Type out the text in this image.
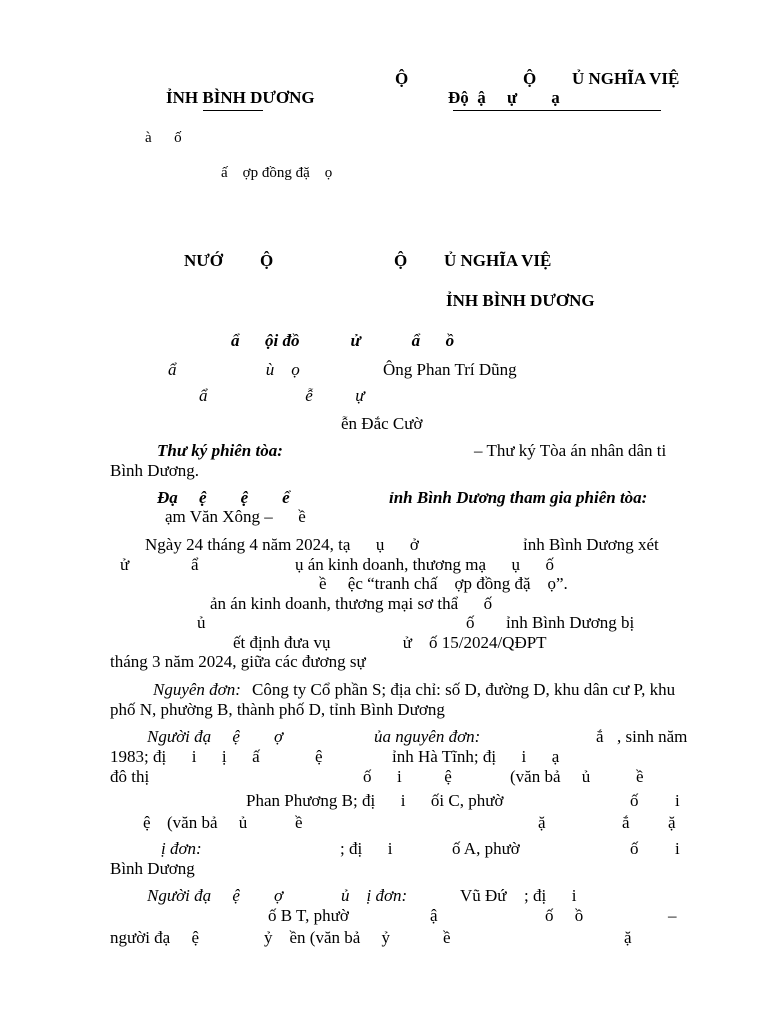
Ộ	Ộ Ủ NGHĨA VIỆ
ỈNH BÌNH DƯƠNG	Độ  ậ     ự        ạ
à      ố
ấ    ợp đồng đặ    ọ
NƯỚ Ộ	Ộ Ủ NGHĨA VIỆ
ỈNH BÌNH DƯƠNG
ẩ      ội đồ            ử            ẩ      ồ
ẩ                     ù    ọ	Ông Phan Trí Dũng
ẩ                       ễ          ự
ễn Đắc Cườ
Thư ký phiên tòa:	– Thư ký Tòa án nhân dân ti
Bình Dương.
Đạ     ệ        ệ        ể	ỉnh Bình Dương tham gia phiên tòa:
ạm Văn Xông –      ề
Ngày 24 tháng 4 năm 2024, tạ      ụ      ở	ỉnh Bình Dương xét
ử	ẩ	ụ án kinh doanh, thương mạ      ụ      ố
ề     ệc “tranh chấ    ợp đồng đặ    ọ”.
ản án kinh doanh, thương mại sơ thẩ      ố
ủ	ố ỉnh Bình Dương bị
ết định đưa vụ                 ử    ố 15/2024/QĐPT
tháng 3 năm 2024, giữa các đương sự
Nguyên đơn: Công ty Cổ phần S; địa chỉ: số D, đường D, khu dân cư P, khu
phố N, phường B, thành phố D, tỉnh Bình Dương
Người đạ     ệ        ợ	ủa nguyên đơn:	ắ , sinh năm
1983; đị      i      ị      ấ	ệ	ỉnh Hà Tĩnh; đị      i      ạ
đô thị	ố      i          ệ	(văn bả     ủ	ề
Phan Phương B; đị      i      ối C, phườ	ố i
ệ (văn bả     ủ	ề	ặ	ắ ặ
ị đơn:	; đị      i	ố A, phườ	ố i
Bình Dương
Người đạ     ệ        ợ	ủ    ị đơn:	Vũ Đứ ; đị      i
ố B T, phườ	ậ	ố     ồ	–
người đạ     ệ	ỷ    ền (văn bả     ỷ	ề	ặ
